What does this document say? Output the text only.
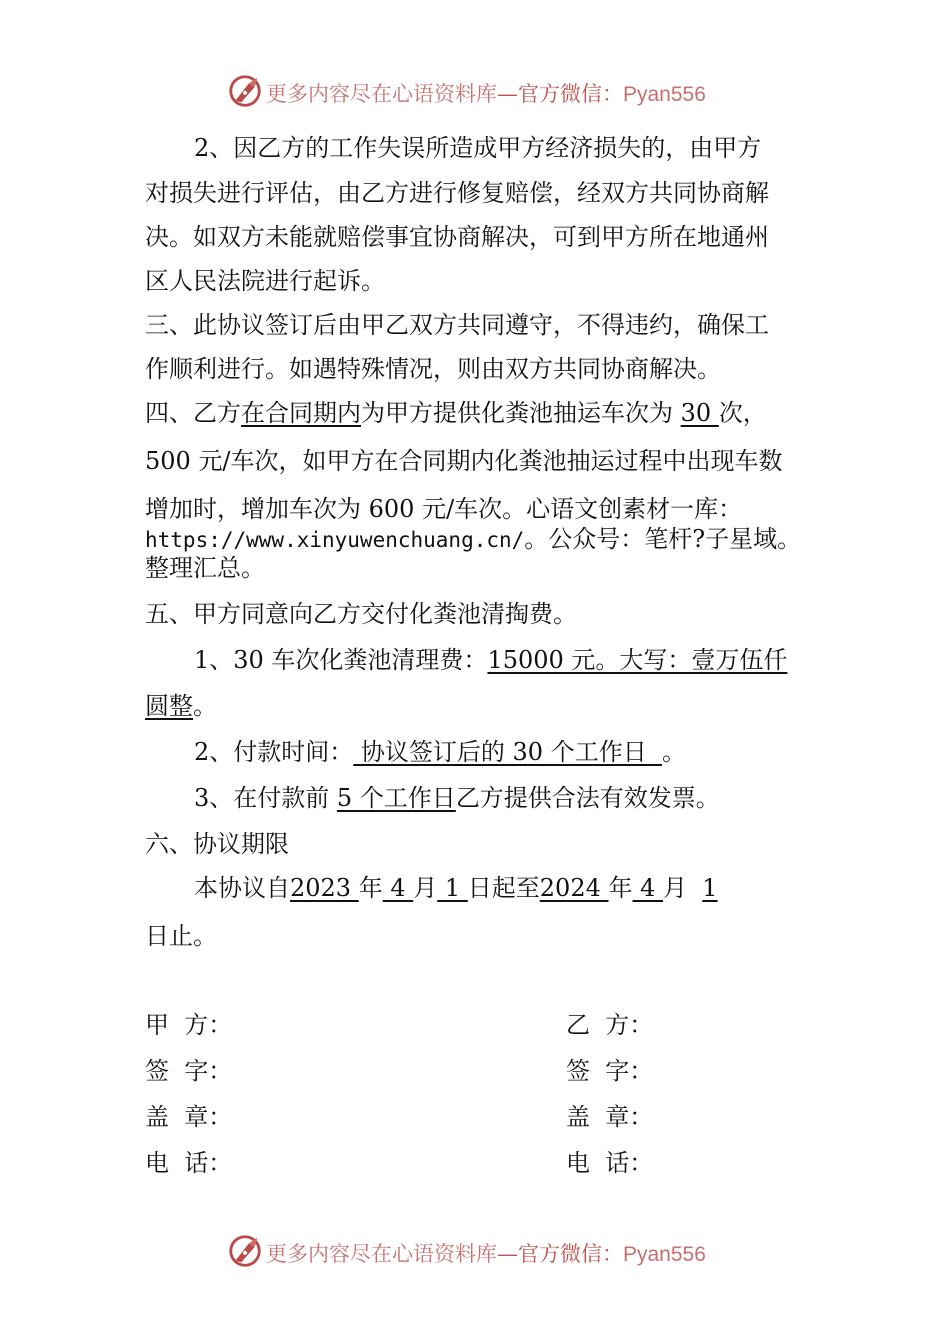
更多内容尽在心语资料库—官方微信：Pyan556
2、因乙方的工作失误所造成甲方经济损失的，由甲方
对损失进行评估，由乙方进行修复赔偿，经双方共同协商解
决。如双方未能就赔偿事宜协商解决，可到甲方所在地通州
区人民法院进行起诉。
三、此协议签订后由甲乙双方共同遵守，不得违约，确保工
作顺利进行。如遇特殊情况，则由双方共同协商解决。
四、乙方在合同期内为甲方提供化粪池抽运车次为 30 次，
500 元/车次，如甲方在合同期内化粪池抽运过程中出现车数
增加时，增加车次为 600 元/车次。心语文创素材一库：
https://www.xinyuwenchuang.cn/。公众号：笔杆?子星域。
整理汇总。
五、甲方同意向乙方交付化粪池清掏费。
1、30 车次化粪池清理费：15000 元。大写：壹万伍仟
圆整。
2、付款时间： 协议签订后的 30 个工作日  。
3、在付款前 5 个工作日乙方提供合法有效发票。
六、协议期限
本协议自2023 年 4 月 1 日起至2024 年 4 月  1
日止。
甲  方：	乙  方：
签  字：	签  字：
盖  章：	盖  章：
电  话：	电  话：
更多内容尽在心语资料库—官方微信：Pyan556
